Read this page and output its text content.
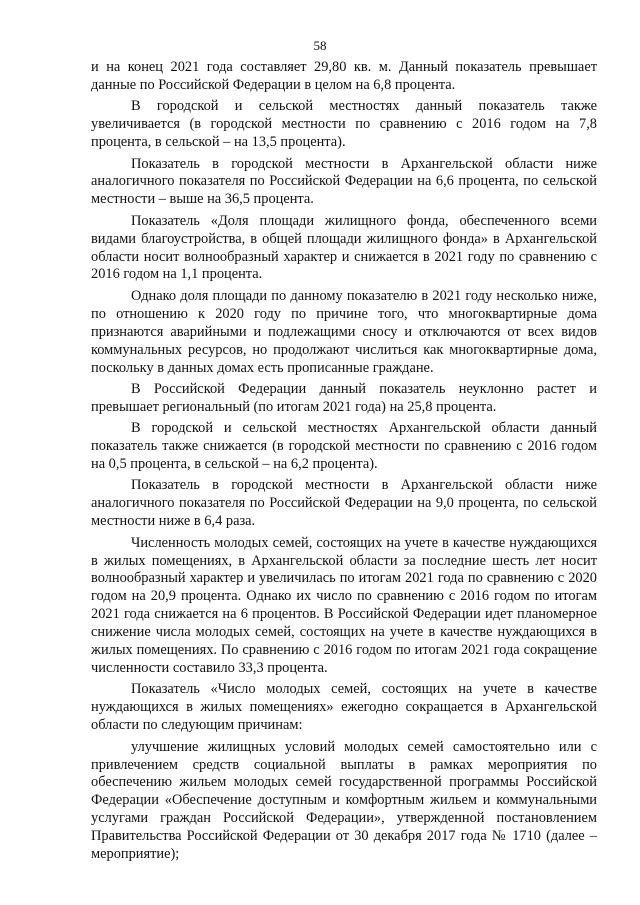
58

и на конец 2021 года составляет 29,80 кв. м. Данный показатель превышает данные по Российской Федерации в целом на 6,8 процента.

В городской и сельской местностях данный показатель также увеличивается (в городской местности по сравнению с 2016 годом на 7,8 процента, в сельской – на 13,5 процента).

Показатель в городской местности в Архангельской области ниже аналогичного показателя по Российской Федерации на 6,6 процента, по сельской местности – выше на 36,5 процента.

Показатель «Доля площади жилищного фонда, обеспеченного всеми видами благоустройства, в общей площади жилищного фонда» в Архангельской области носит волнообразный характер и снижается в 2021 году по сравнению с 2016 годом на 1,1 процента.

Однако доля площади по данному показателю в 2021 году несколько ниже, по отношению к 2020 году по причине того, что многоквартирные дома признаются аварийными и подлежащими сносу и отключаются от всех видов коммунальных ресурсов, но продолжают числиться как многоквартирные дома, поскольку в данных домах есть прописанные граждане.

В Российской Федерации данный показатель неуклонно растет и превышает региональный (по итогам 2021 года) на 25,8 процента.

В городской и сельской местностях Архангельской области данный показатель также снижается (в городской местности по сравнению с 2016 годом на 0,5 процента, в сельской – на 6,2 процента).

Показатель в городской местности в Архангельской области ниже аналогичного показателя по Российской Федерации на 9,0 процента, по сельской местности ниже в 6,4 раза.

Численность молодых семей, состоящих на учете в качестве нуждающихся в жилых помещениях, в Архангельской области за последние шесть лет носит волнообразный характер и увеличилась по итогам 2021 года по сравнению с 2020 годом на 20,9 процента. Однако их число по сравнению с 2016 годом по итогам 2021 года снижается на 6 процентов. В Российской Федерации идет планомерное снижение числа молодых семей, состоящих на учете в качестве нуждающихся в жилых помещениях. По сравнению с 2016 годом по итогам 2021 года сокращение численности составило 33,3 процента.

Показатель «Число молодых семей, состоящих на учете в качестве нуждающихся в жилых помещениях» ежегодно сокращается в Архангельской области по следующим причинам:

улучшение жилищных условий молодых семей самостоятельно или с привлечением средств социальной выплаты в рамках мероприятия по обеспечению жильем молодых семей государственной программы Российской Федерации «Обеспечение доступным и комфортным жильем и коммунальными услугами граждан Российской Федерации», утвержденной постановлением Правительства Российской Федерации от 30 декабря 2017 года № 1710 (далее – мероприятие);
